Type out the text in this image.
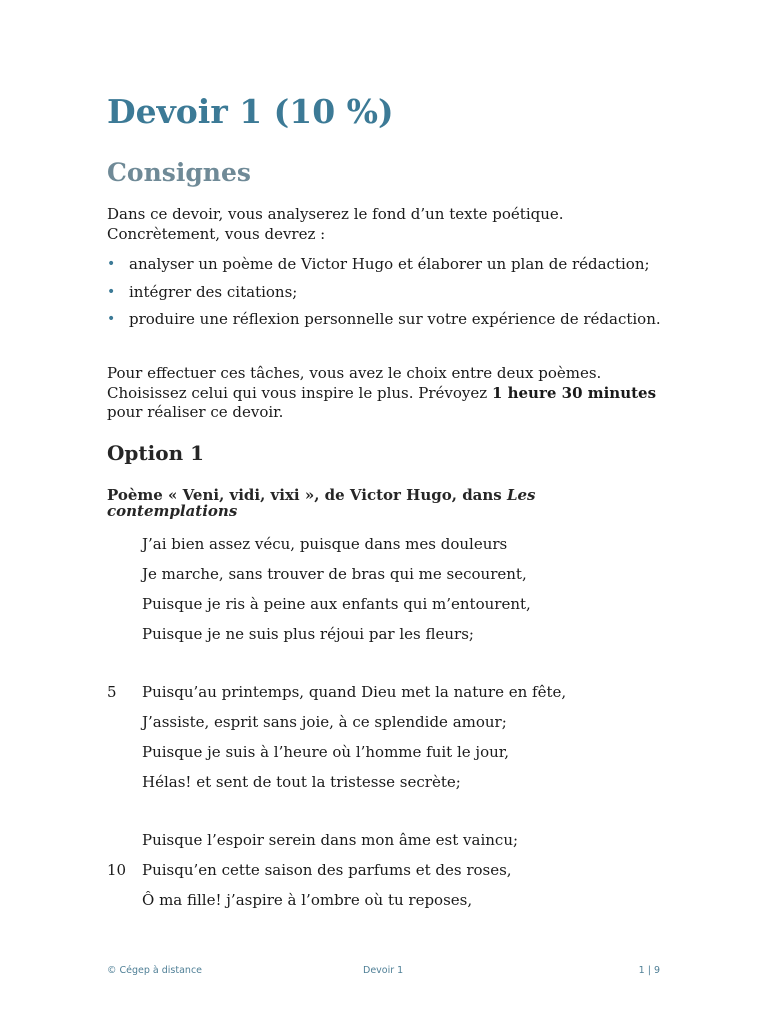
Devoir 1 (10 %)
Consignes

Dans ce devoir, vous analyserez le fond d’un texte poétique.
Concrètement, vous devrez :

• analyser un poème de Victor Hugo et élaborer un plan de rédaction;
• intégrer des citations;
• produire une réflexion personnelle sur votre expérience de rédaction.

Pour effectuer ces tâches, vous avez le choix entre deux poèmes. Choisissez celui qui vous inspire le plus. Prévoyez 1 heure 30 minutes pour réaliser ce devoir.

Option 1

Poème « Veni, vidi, vixi », de Victor Hugo, dans Les contemplations

J’ai bien assez vécu, puisque dans mes douleurs
Je marche, sans trouver de bras qui me secourent,
Puisque je ris à peine aux enfants qui m’entourent,
Puisque je ne suis plus réjoui par les fleurs;
5	Puisqu’au printemps, quand Dieu met la nature en fête,
J’assiste, esprit sans joie, à ce splendide amour;
Puisque je suis à l’heure où l’homme fuit le jour,
Hélas! et sent de tout la tristesse secrète;
Puisque l’espoir serein dans mon âme est vaincu;
10	Puisqu’en cette saison des parfums et des roses,
Ô ma fille! j’aspire à l’ombre où tu reposes,
© Cégep à distance	Devoir 1	1 | 9
